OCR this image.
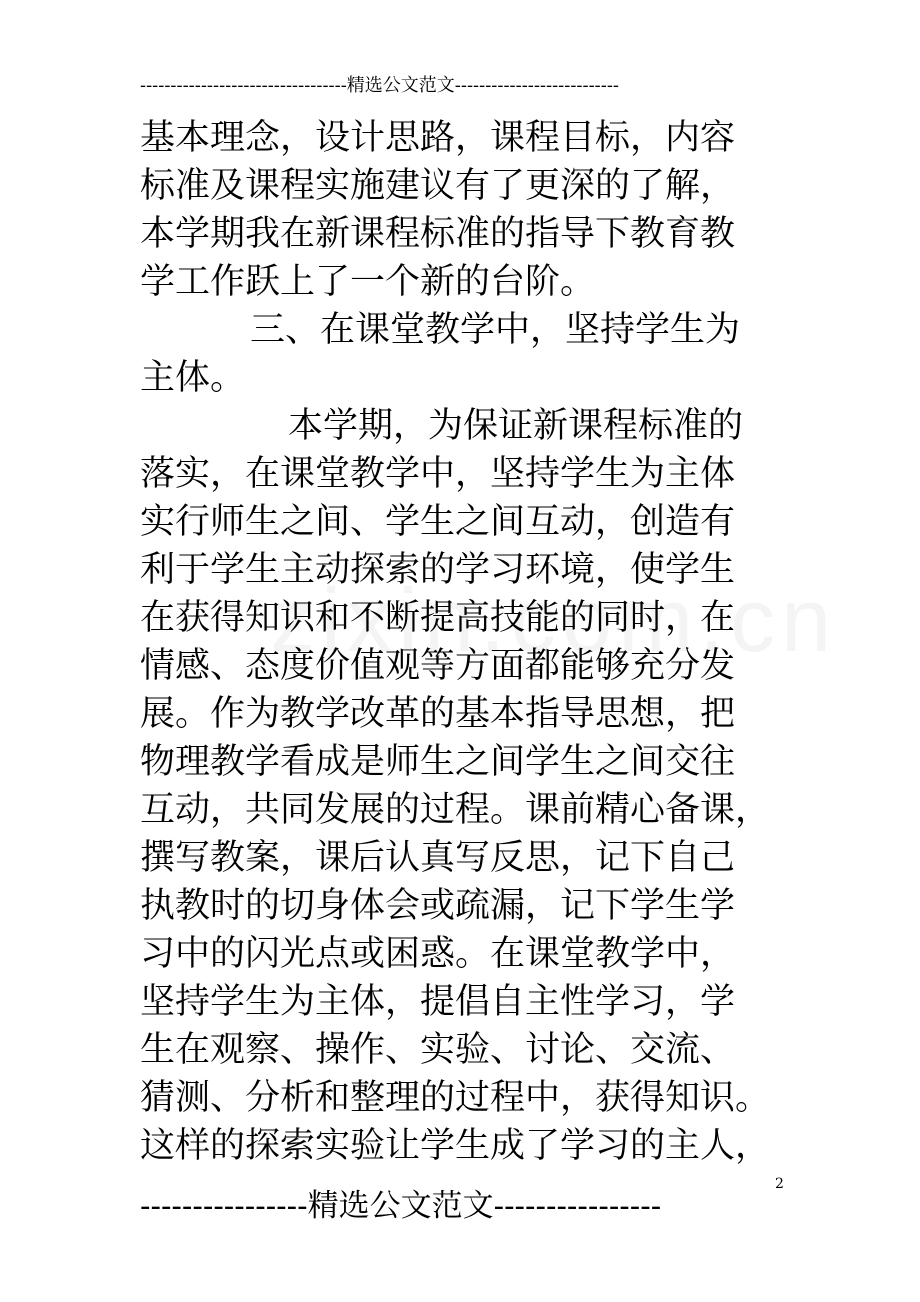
----------------------------------精选公文范文---------------------------
基本理念，设计思路，课程目标，内容
标准及课程实施建议有了更深的了解，
本学期我在新课程标准的指导下教育教
学工作跃上了一个新的台阶。
三、在课堂教学中，坚持学生为
主体。
本学期，为保证新课程标准的
落实，在课堂教学中，坚持学生为主体
实行师生之间、学生之间互动，创造有
利于学生主动探索的学习环境，使学生
在获得知识和不断提高技能的同时，在
情感、态度价值观等方面都能够充分发
展。作为教学改革的基本指导思想，把
物理教学看成是师生之间学生之间交往
互动，共同发展的过程。课前精心备课，
撰写教案，课后认真写反思，记下自己
执教时的切身体会或疏漏，记下学生学
习中的闪光点或困惑。在课堂教学中，
坚持学生为主体，提倡自主性学习，学
生在观察、操作、实验、讨论、交流、
猜测、分析和整理的过程中，获得知识。
这样的探索实验让学生成了学习的主人，
2
----------------精选公文范文----------------
